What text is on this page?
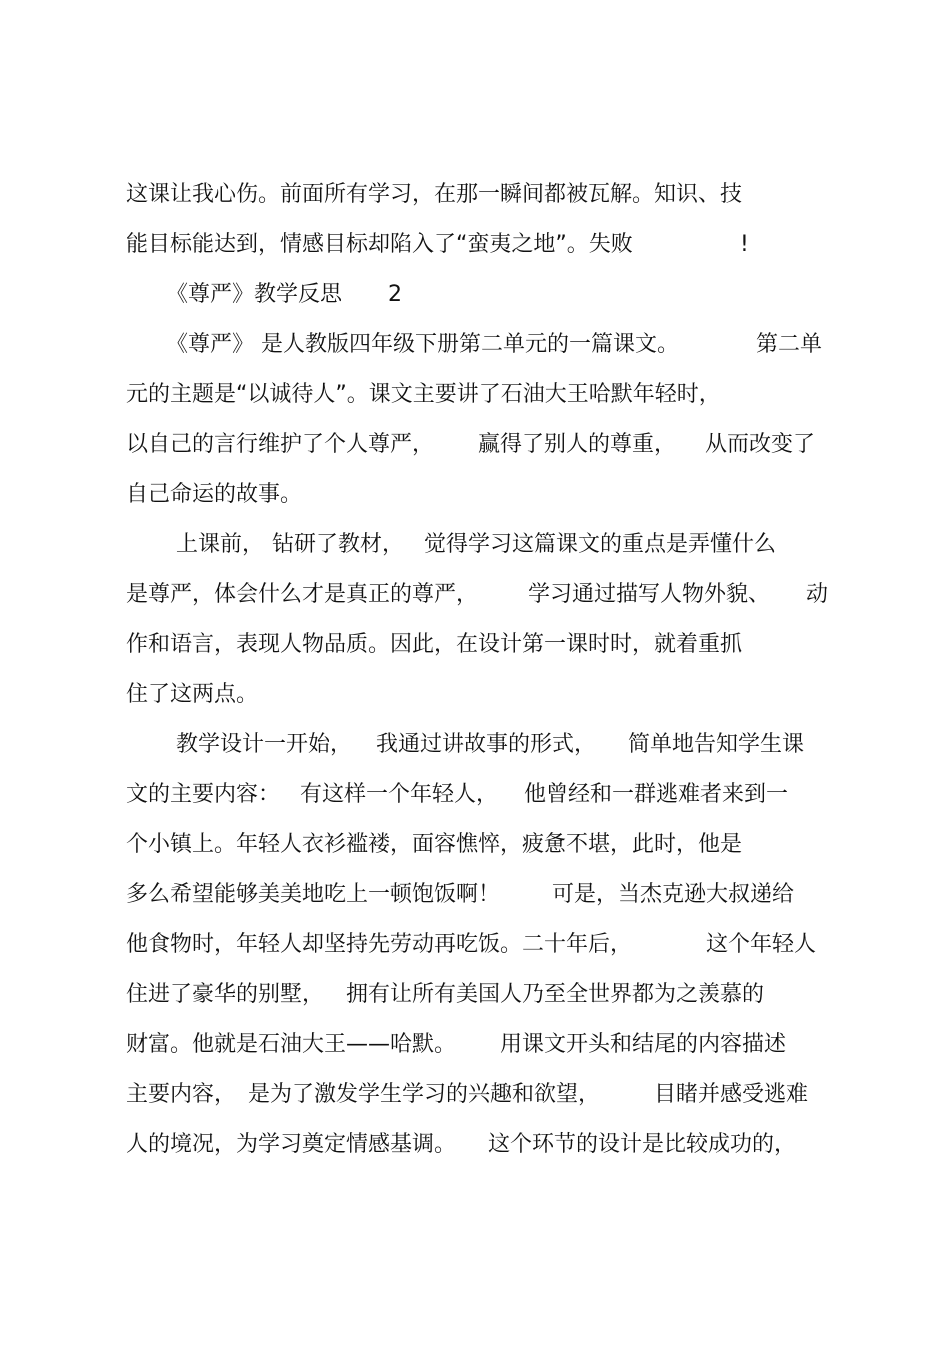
这课让我心伤。前面所有学习，在那一瞬间都被瓦解。知识、技

能目标能达到，情感目标却陷入了“蛮夷之地”。失败

	!

《尊严》教学反思

2

《尊严》 是人教版四年级下册第二单元的一篇课文。

	第二单

元的主题是“以诚待人”。课文主要讲了石油大王哈默年轻时，

以自己的言行维护了个人尊严，

赢得了别人的尊重，

从而改变了

自己命运的故事。

上课前，

钻研了教材，

觉得学习这篇课文的重点是弄懂什么

是尊严，体会什么才是真正的尊严，

学习通过描写人物外貌、

动

作和语言，表现人物品质。因此，在设计第一课时时，就着重抓

住了这两点。

教学设计一开始，

我通过讲故事的形式，

简单地告知学生课

文的主要内容：

有这样一个年轻人，

他曾经和一群逃难者来到一

个小镇上。年轻人衣衫褴褛，面容憔悴，疲惫不堪，此时，他是

多么希望能够美美地吃上一顿饱饭啊！

可是，当杰克逊大叔递给

他食物时，年轻人却坚持先劳动再吃饭。二十年后，

	这个年轻人

住进了豪华的别墅，

拥有让所有美国人乃至全世界都为之羡慕的

财富。他就是石油大王——哈默。

用课文开头和结尾的内容描述

主要内容，

是为了激发学生学习的兴趣和欲望，

目睹并感受逃难

人的境况，为学习奠定情感基调。

这个环节的设计是比较成功的，
